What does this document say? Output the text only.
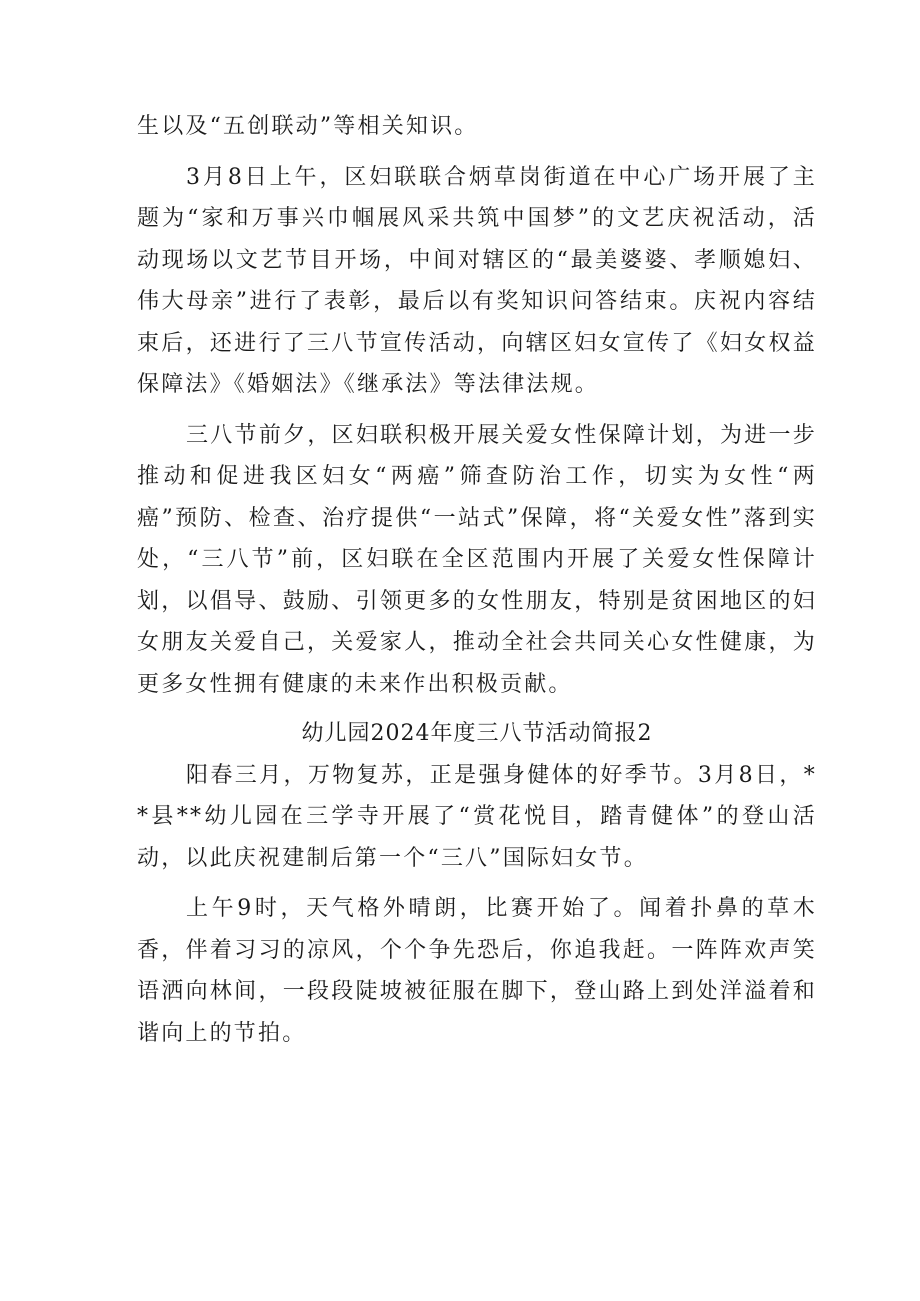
生以及“五创联动”等相关知识。

3月8日上午，区妇联联合炳草岗街道在中心广场开展了主题为“家和万事兴巾帼展风采共筑中国梦”的文艺庆祝活动，活动现场以文艺节目开场，中间对辖区的“最美婆婆、孝顺媳妇、伟大母亲”进行了表彰，最后以有奖知识问答结束。庆祝内容结束后，还进行了三八节宣传活动，向辖区妇女宣传了《妇女权益保障法》《婚姻法》《继承法》等法律法规。

三八节前夕，区妇联积极开展关爱女性保障计划，为进一步推动和促进我区妇女“两癌”筛查防治工作，切实为女性“两癌”预防、检查、治疗提供“一站式”保障，将“关爱女性”落到实处，“三八节”前，区妇联在全区范围内开展了关爱女性保障计划，以倡导、鼓励、引领更多的女性朋友，特别是贫困地区的妇女朋友关爱自己，关爱家人，推动全社会共同关心女性健康，为更多女性拥有健康的未来作出积极贡献。

幼儿园2024年度三八节活动简报2

阳春三月，万物复苏，正是强身健体的好季节。3月8日，**县**幼儿园在三学寺开展了“赏花悦目，踏青健体”的登山活动，以此庆祝建制后第一个“三八”国际妇女节。

上午9时，天气格外晴朗，比赛开始了。闻着扑鼻的草木香，伴着习习的凉风，个个争先恐后，你追我赶。一阵阵欢声笑语洒向林间，一段段陡坡被征服在脚下，登山路上到处洋溢着和谐向上的节拍。
